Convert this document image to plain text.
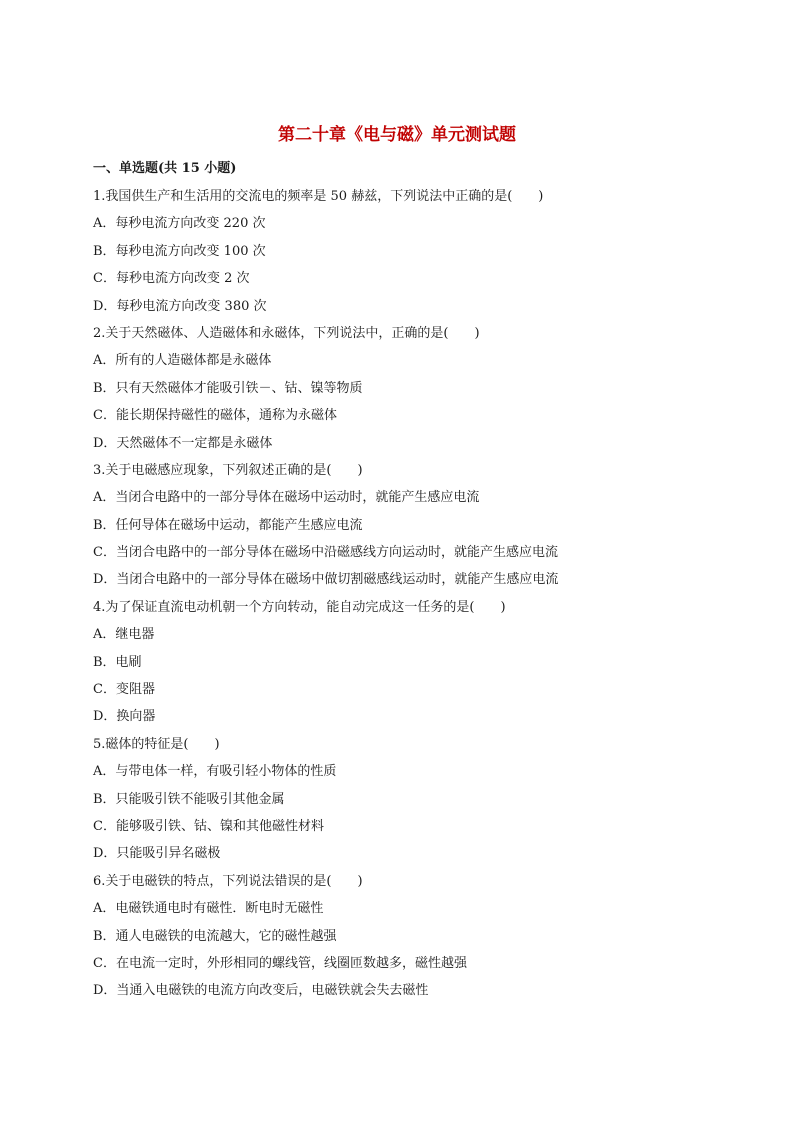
第二十章《电与磁》单元测试题
一、单选题(共 15 小题)
1.我国供生产和生活用的交流电的频率是 50 赫兹，下列说法中正确的是(　　)
A．每秒电流方向改变 220 次
B．每秒电流方向改变 100 次
C．每秒电流方向改变 2 次
D．每秒电流方向改变 380 次
2.关于天然磁体、人造磁体和永磁体，下列说法中，正确的是(　　)
A．所有的人造磁体都是永磁体
B．只有天然磁体才能吸引铁－、钴、镍等物质
C．能长期保持磁性的磁体，通称为永磁体
D．天然磁体不一定都是永磁体
3.关于电磁感应现象，下列叙述正确的是(　　)
A．当闭合电路中的一部分导体在磁场中运动时，就能产生感应电流
B．任何导体在磁场中运动，都能产生感应电流
C．当闭合电路中的一部分导体在磁场中沿磁感线方向运动时，就能产生感应电流
D．当闭合电路中的一部分导体在磁场中做切割磁感线运动时，就能产生感应电流
4.为了保证直流电动机朝一个方向转动，能自动完成这一任务的是(　　)
A．继电器
B．电刷
C．变阻器
D．换向器
5.磁体的特征是(　　)
A．与带电体一样，有吸引轻小物体的性质
B．只能吸引铁不能吸引其他金属
C．能够吸引铁、钴、镍和其他磁性材料
D．只能吸引异名磁极
6.关于电磁铁的特点，下列说法错误的是(　　)
A．电磁铁通电时有磁性．断电时无磁性
B．通人电磁铁的电流越大，它的磁性越强
C．在电流一定时，外形相同的螺线管，线圈匝数越多，磁性越强
D．当通入电磁铁的电流方向改变后，电磁铁就会失去磁性
